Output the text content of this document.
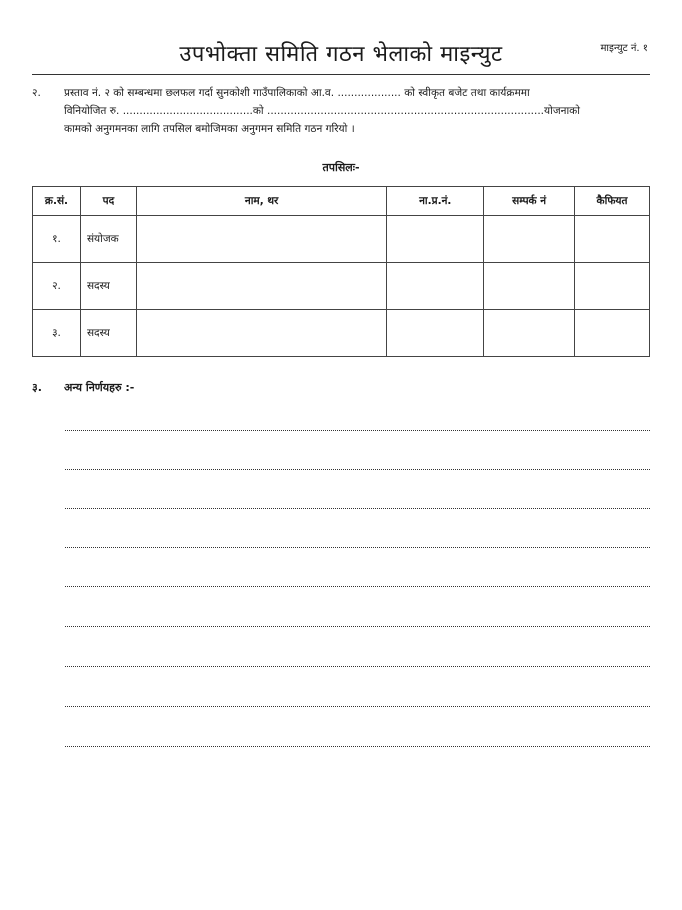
उपभोक्ता समिति गठन भेलाको माइन्युट	माइन्युट नं. १
२. प्रस्ताव नं. २ को सम्बन्धमा छलफल गर्दा सुनकोशी गाउँपालिकाको आ.व. ................... को स्वीकृत बजेट तथा कार्यक्रममा

विनियोजित रु. .......................................को ...................................................................................योजनाको

कामको अनुगमनका लागि तपसिल बमोजिमका अनुगमन समिति गठन गरियो ।

तपसिलः-
क्र.सं.	पद	नाम, थर	ना.प्र.नं.	सम्पर्क नं	कैफियत
१.	संयोजक				
२.	सदस्य				
३.	सदस्य				
३. अन्य निर्णयहरु :-
